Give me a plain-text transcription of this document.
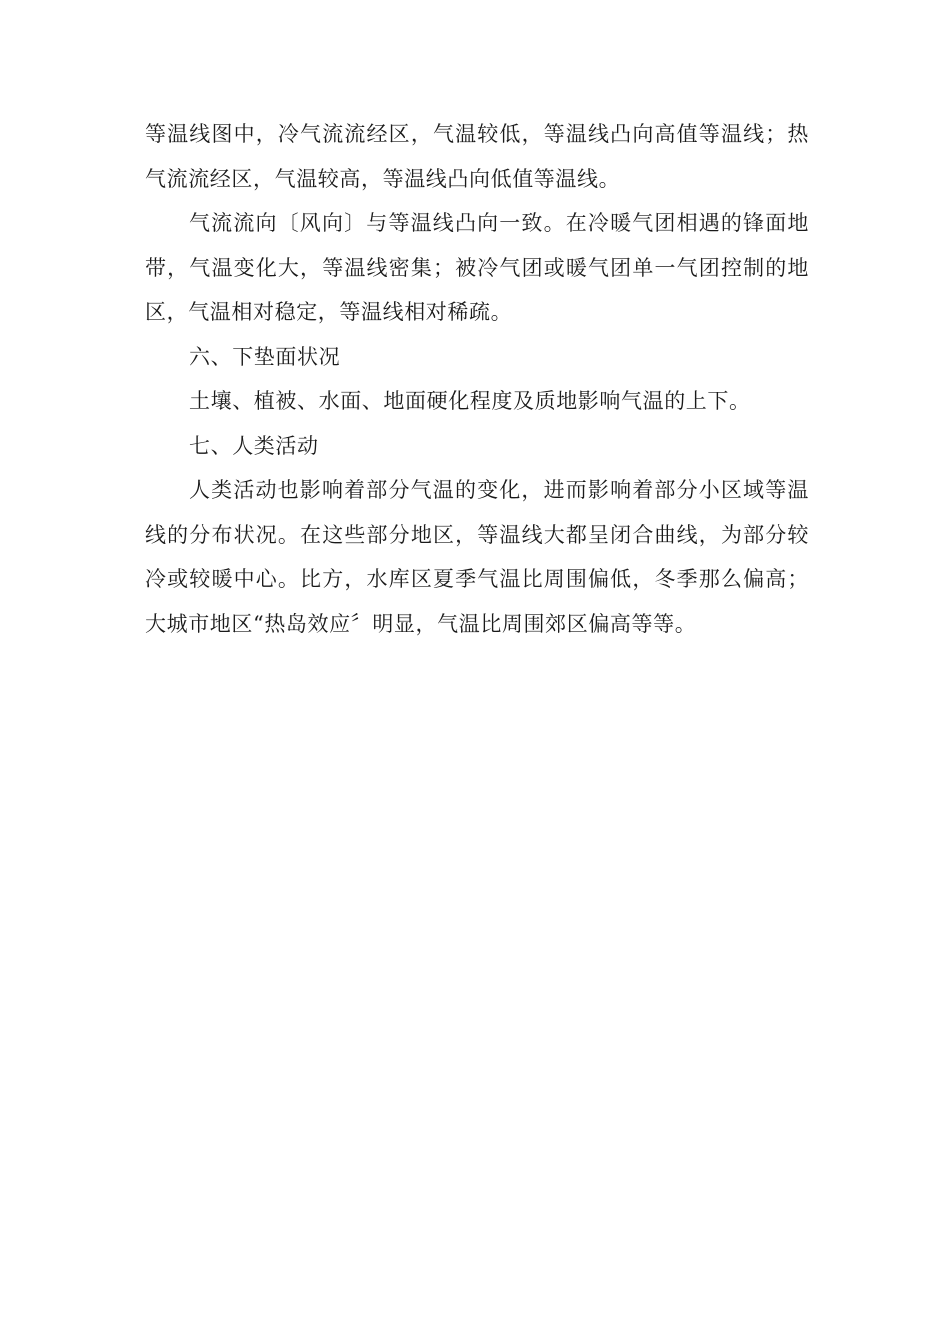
等温线图中，冷气流流经区，气温较低，等温线凸向高值等温线；热气流流经区，气温较高，等温线凸向低值等温线。

气流流向〔风向〕与等温线凸向一致。在冷暖气团相遇的锋面地带，气温变化大，等温线密集；被冷气团或暖气团单一气团控制的地区，气温相对稳定，等温线相对稀疏。

六、下垫面状况

土壤、植被、水面、地面硬化程度及质地影响气温的上下。

七、人类活动

人类活动也影响着部分气温的变化，进而影响着部分小区域等温线的分布状况。在这些部分地区，等温线大都呈闭合曲线，为部分较冷或较暖中心。比方，水库区夏季气温比周围偏低，冬季那么偏高；大城市地区“热岛效应〞明显，气温比周围郊区偏高等等。
